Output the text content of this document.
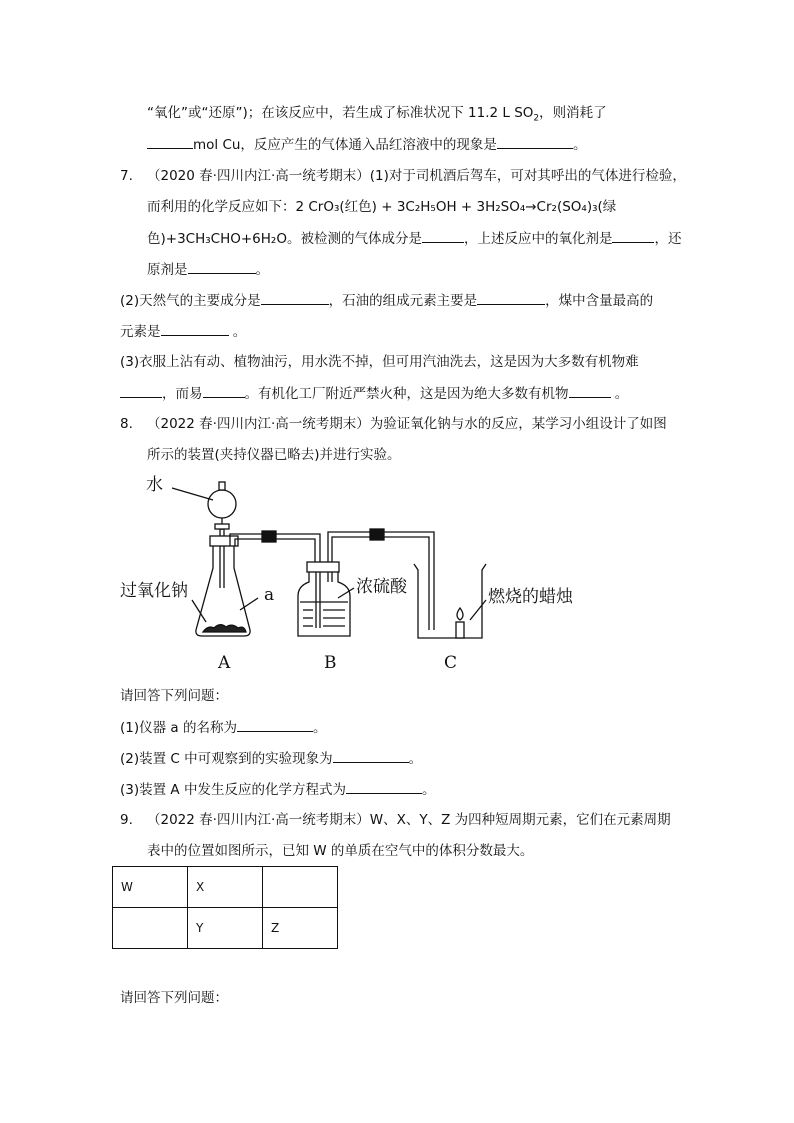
“氧化”或“还原”)；在该反应中，若生成了标准状况下 11.2 L $SO_2$，则消耗了
mol Cu，反应产生的气体通入品红溶液中的现象是	。
7. （2020 春·四川内江·高一统考期末）(1)对于司机酒后驾车，可对其呼出的气体进行检验，
而利用的化学反应如下：2 CrO₃(红色) + 3C₂H₅OH + 3H₂SO₄→Cr₂(SO₄)₃(绿
色)+3CH₃CHO+6H₂O。被检测的气体成分是	，上述反应中的氧化剂是	，还
原剂是	。
(2)天然气的主要成分是	，石油的组成元素主要是	，煤中含量最高的
元素是	。
(3)衣服上沾有动、植物油污，用水洗不掉，但可用汽油洗去，这是因为大多数有机物难
，而易	。有机化工厂附近严禁火种，这是因为绝大多数有机物	。
8. （2022 春·四川内江·高一统考期末）为验证氧化钠与水的反应，某学习小组设计了如图
所示的装置(夹持仪器已略去)并进行实验。
水
过氧化钠	a	浓硫酸	燃烧的蜡烛
A	B	C
请回答下列问题：
(1)仪器 a 的名称为	。
(2)装置 C 中可观察到的实验现象为	。
(3)装置 A 中发生反应的化学方程式为	。
9. （2022 春·四川内江·高一统考期末）W、X、Y、Z 为四种短周期元素，它们在元素周期
表中的位置如图所示，已知 W 的单质在空气中的体积分数最大。
W	X	
	Y	Z
请回答下列问题：
